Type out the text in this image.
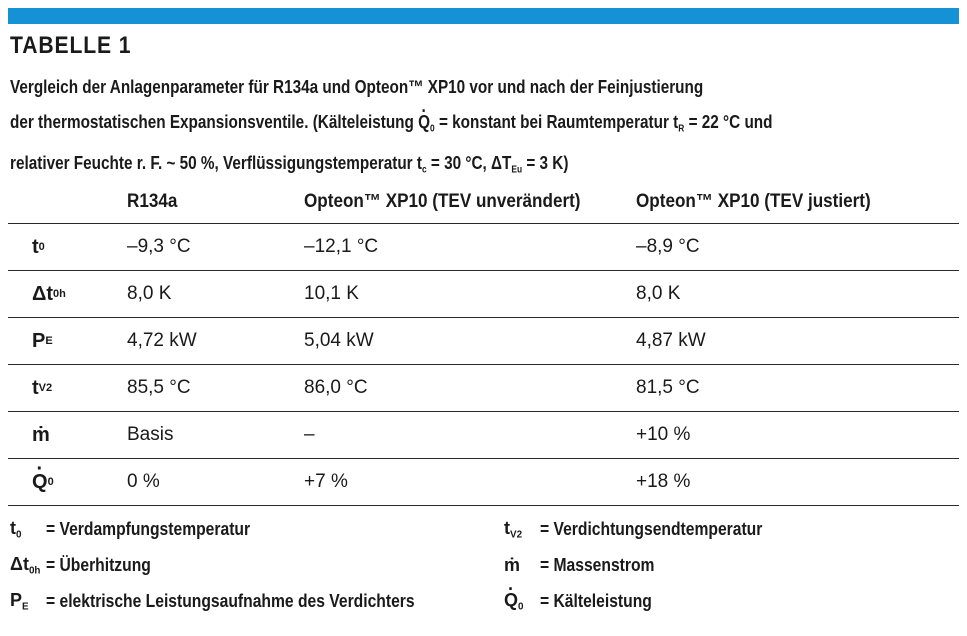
TABELLE 1
Vergleich der Anlagenparameter für R134a und Opteon™ XP10 vor und nach der Feinjustierung
der thermostatischen Expansionsventile. (Kälteleistung · $Q_0$ = konstant bei Raumtemperatur $t_R = 22$ °C und
relativer Feuchte r. F. ~ 50 %, Verflüssigungstemperatur $t_c = 30$ °C, $\Delta T_{Eu} = 3$ K)
R134a	Opteon™ XP10 (TEV unverändert)	Opteon™ XP10 (TEV justiert)
t 0	–9,3 °C	–12,1 °C	–8,9 °C
Δt 0h	8,0 K	10,1 K	8,0 K
P E	4,72 kW	5,04 kW	4,87 kW
t V2	85,5 °C	86,0 °C	81,5 °C
ṁ	Basis	–	+10 %
· Q 0	0 %	+7 %	+18 %
$t_0$	= Verdampfungstemperatur	$t_{V2}$ = Verdichtungsendtemperatur
$\Delta t_{0h}$ = Überhitzung	ṁ	= Massenstrom
$P_E$ = elektrische Leistungsaufnahme des Verdichters
·	$Q_0$ = Kälteleistung
